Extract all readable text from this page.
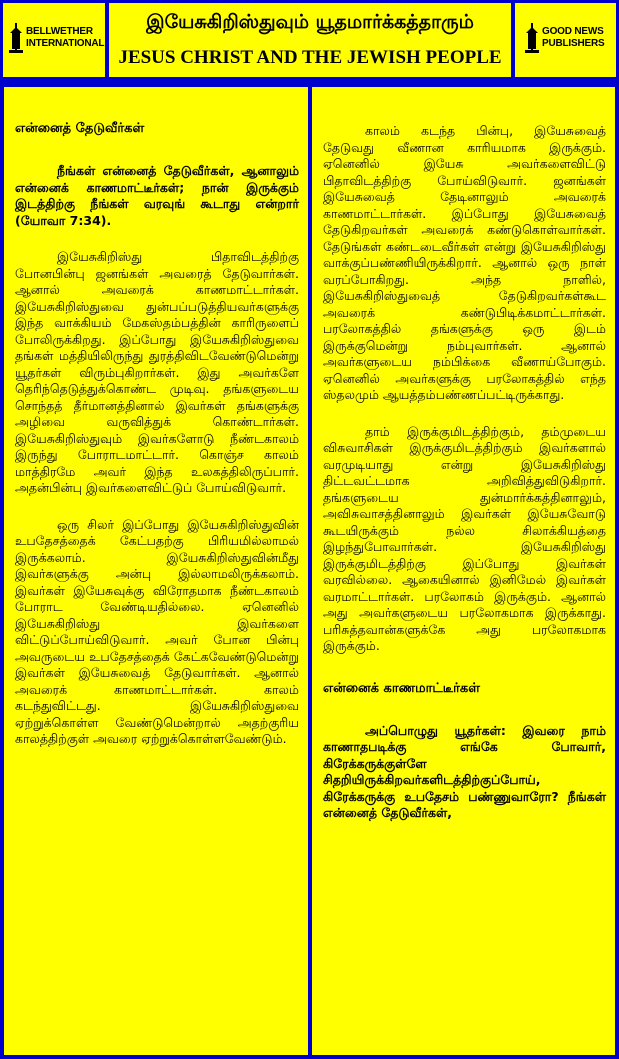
BELLWETHER INTERNATIONAL
இயேசுகிறிஸ்துவும் யூதமார்க்கத்தாரும்
JESUS CHRIST AND THE JEWISH PEOPLE
GOOD NEWS PUBLISHERS
என்னைத் தேடுவீர்கள்

நீங்கள் என்னைத் தேடுவீர்கள், ஆனாலும் என்னைக் காணமாட்டீர்கள்; நான் இருக்கும் இடத்திற்கு நீங்கள் வரவுங் கூடாது என்றார் (யோவா 7:34).

இயேசுகிறிஸ்து பிதாவிடத்திற்கு போனபின்பு ஜனங்கள் அவரைத் தேடுவார்கள். ஆனால் அவரைக் காணமாட்டார்கள். இயேசுகிறிஸ்துவை துன்பப்படுத்தியவர்களுக்கு இந்த வாக்கியம் மேகஸ்தம்பத்தின் காரிருளைப் போலிருக்கிறது. இப்போது இயேசுகிறிஸ்துவை தங்கள் மத்தியிலிருந்து துரத்திவிடவேண்டுமென்று யூதர்கள் விரும்புகிறார்கள். இது அவர்களே தெரிந்தெடுத்துக்கொண்ட முடிவு. தங்களுடைய சொந்தத் தீர்மானத்தினால் இவர்கள் தங்களுக்கு அழிவை வருவித்துக் கொண்டார்கள். இயேசுகிறிஸ்துவும் இவர்களோடு நீண்டகாலம் இருந்து போராடமாட்டார். கொஞ்ச காலம் மாத்திரமே அவர் இந்த உலகத்திலிருப்பார். அதன்பின்பு இவர்களைவிட்டுப் போய்விடுவார்.

ஒரு சிலர் இப்போது இயேசுகிறிஸ்துவின் உபதேசத்தைக் கேட்பதற்கு பிரியமில்லாமல் இருக்கலாம். இயேசுகிறிஸ்துவின்மீது இவர்களுக்கு அன்பு இல்லாமலிருக்கலாம். இவர்கள் இயேசுவுக்கு விரோதமாக நீண்டகாலம் போராட வேண்டியதில்லை. ஏனெனில் இயேசுகிறிஸ்து இவர்களை விட்டுப்போய்விடுவார். அவர் போன பின்பு அவருடைய உபதேசத்தைக் கேட்கவேண்டுமென்று இவர்கள் இயேசுவைத் தேடுவார்கள். ஆனால் அவரைக் காணமாட்டார்கள். காலம் கடந்துவிட்டது. இயேசுகிறிஸ்துவை ஏற்றுக்கொள்ள வேண்டுமென்றால் அதற்குரிய காலத்திற்குள் அவரை ஏற்றுக்கொள்ளவேண்டும்.

காலம் கடந்த பின்பு, இயேசுவைத் தேடுவது வீணான காரியமாக இருக்கும். ஏனெனில் இயேசு அவர்களைவிட்டு பிதாவிடத்திற்கு போய்விடுவார். ஜனங்கள் இயேசுவைத் தேடினாலும் அவரைக் காணமாட்டார்கள். இப்போது இயேசுவைத் தேடுகிறவர்கள் அவரைக் கண்டுகொள்வார்கள். தேடுங்கள் கண்டடைவீர்கள் என்று இயேசுகிறிஸ்து வாக்குப்பண்ணியிருக்கிறார். ஆனால் ஒரு நாள் வரப்போகிறது. அந்த நாளில், இயேசுகிறிஸ்துவைத் தேடுகிறவர்கள்கூட அவரைக் கண்டுபிடிக்கமாட்டார்கள். பரலோகத்தில் தங்களுக்கு ஒரு இடம் இருக்குமென்று நம்புவார்கள். ஆனால் அவர்களுடைய நம்பிக்கை வீணாய்போகும். ஏனெனில் அவர்களுக்கு பரலோகத்தில் எந்த ஸ்தலமும் ஆயத்தம்பண்ணப்பட்டிருக்காது.

தாம் இருக்குமிடத்திற்கும், தம்முடைய விசுவாசிகள் இருக்குமிடத்திற்கும் இவர்களால் வரமுடியாது என்று இயேசுகிறிஸ்து திட்டவட்டமாக அறிவித்துவிடுகிறார். தங்களுடைய துன்மார்க்கத்தினாலும், அவிசுவாசத்தினாலும் இவர்கள் இயேசுவோடு கூடயிருக்கும் நல்ல சிலாக்கியத்தை இழந்துபோவார்கள். இயேசுகிறிஸ்து இருக்குமிடத்திற்கு இப்போது இவர்கள் வரவில்லை. ஆகையினால் இனிமேல் இவர்கள் வரமாட்டார்கள். பரலோகம் இருக்கும். ஆனால் அது அவர்களுடைய பரலோகமாக இருக்காது. பரிசுத்தவான்களுக்கே அது பரலோகமாக இருக்கும்.

என்னைக் காணமாட்டீர்கள்

அப்பொழுது யூதர்கள்: இவரை நாம் காணாதபடிக்கு எங்கே போவார், கிரேக்கருக்குள்ளே சிதறியிருக்கிறவர்களிடத்திற்குப்போய், கிரேக்கருக்கு உபதேசம் பண்ணுவாரோ? நீங்கள் என்னைத் தேடுவீர்கள்,
